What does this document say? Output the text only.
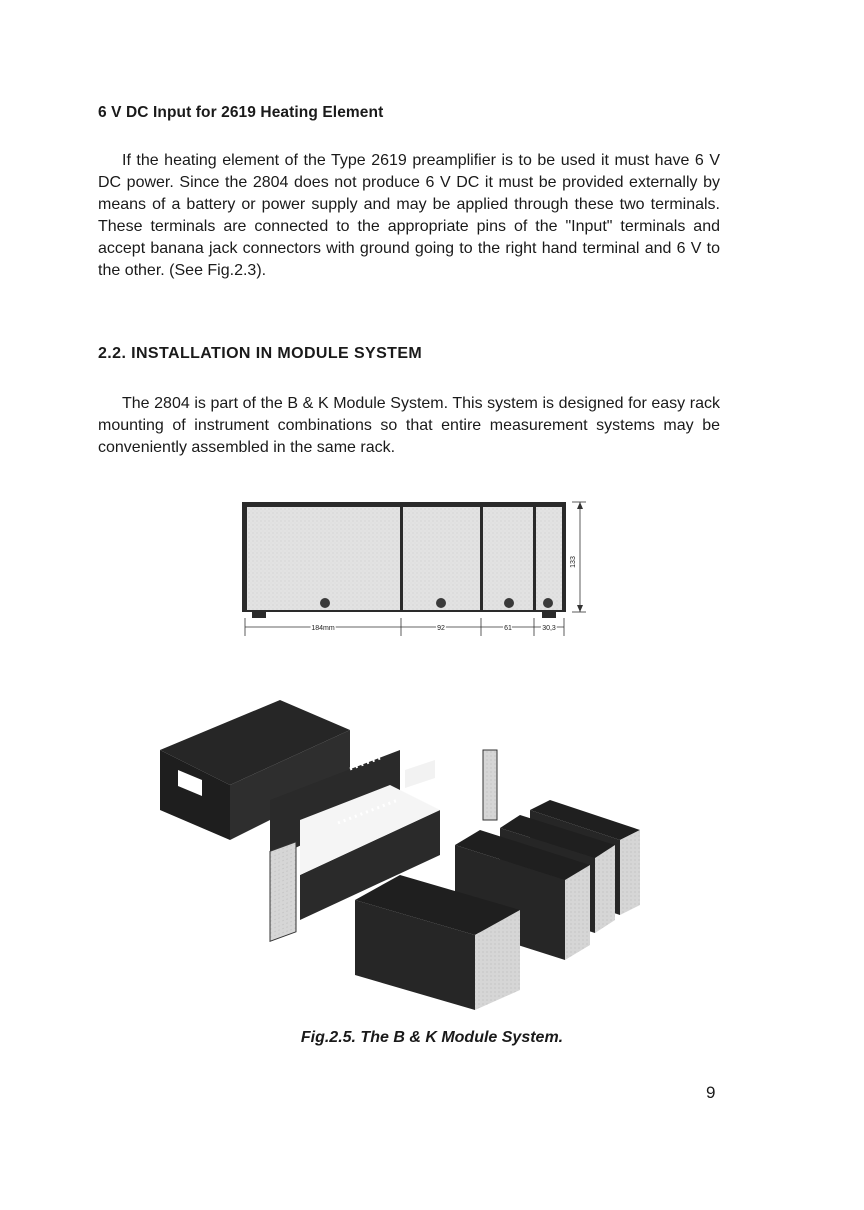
6 V DC Input for 2619 Heating Element

If the heating element of the Type 2619 preamplifier is to be used it must have 6 V DC power. Since the 2804 does not produce 6 V DC it must be provided externally by means of a battery or power supply and may be applied through these two terminals. These terminals are connected to the appropriate pins of the "Input" terminals and accept banana jack connectors with ground going to the right hand terminal and 6 V to the other. (See Fig.2.3).

2.2. INSTALLATION IN MODULE SYSTEM

The 2804 is part of the B & K Module System. This system is designed for easy rack mounting of instrument combinations so that entire measurement systems may be conveniently assembled in the same rack.

133
184mm	92	61	30,3

Fig.2.5. The B & K Module System.

9
